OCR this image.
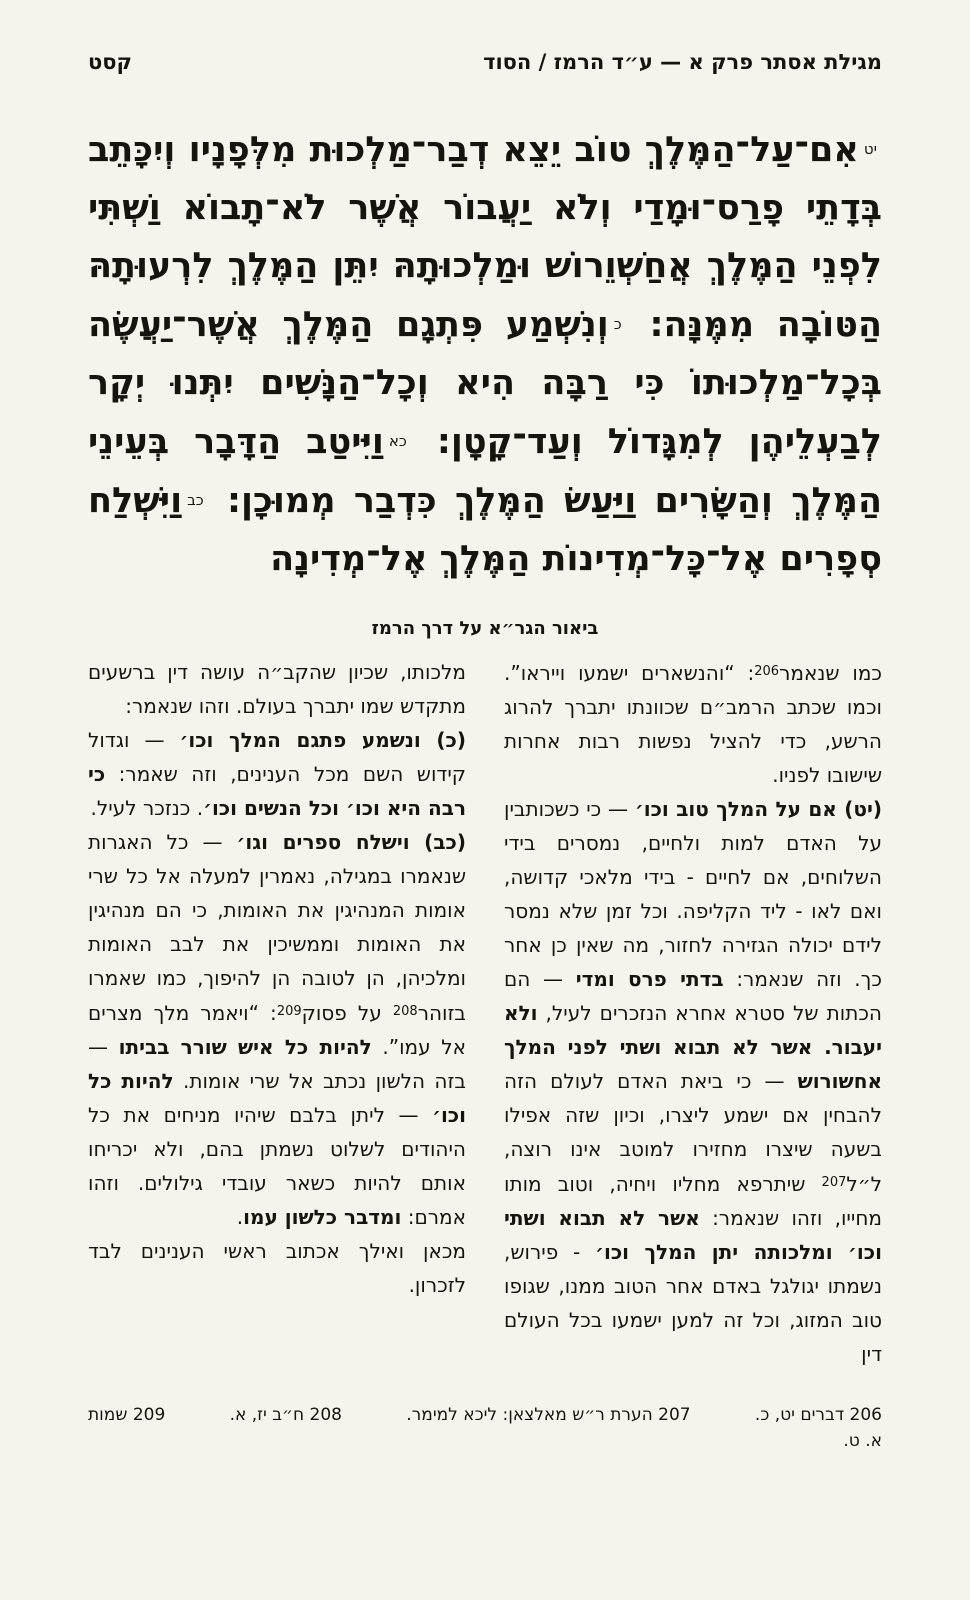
מגילת אסתר פרק א — ע״ד הרמז / הסוד
קסט
$^{יט}$אִם־עַל־הַמֶּלֶךְ טוֹב יֵצֵא דְבַר־מַלְכוּת מִלְּפָנָיו וְיִכָּתֵב בְּדָתֵי פָרַס־וּמָדַי וְלֹא יַעֲבוֹר אֲשֶׁר לֹא־תָבוֹא וַשְׁתִּי לִפְנֵי הַמֶּלֶךְ אֲחַשְׁוֵרוֹשׁ וּמַלְכוּתָהּ יִתֵּן הַמֶּלֶךְ לִרְעוּתָהּ הַטּוֹבָה מִמֶּנָּה: $^כ$וְנִשְׁמַע פִּתְגָם הַמֶּלֶךְ אֲשֶׁר־יַעֲשֶׂה בְּכָל־מַלְכוּתוֹ כִּי רַבָּה הִיא וְכָל־הַנָּשִׁים יִתְּנוּ יְקָר לְבַעְלֵיהֶן לְמִגָּדוֹל וְעַד־קָטָן: $^{כא}$וַיִּיטַב הַדָּבָר בְּעֵינֵי הַמֶּלֶךְ וְהַשָּׂרִים וַיַּעַשׂ הַמֶּלֶךְ כִּדְבַר מְמוּכָן: $^{כב}$וַיִּשְׁלַח סְפָרִים אֶל־כָּל־מְדִינוֹת הַמֶּלֶךְ אֶל־מְדִינָה
ביאור הגר״א על דרך הרמז

כמו שנאמר$^{206}$: “והנשארים ישמעו וייראו”. וכמו שכתב הרמב״ם שכוונתו יתברך להרוג הרשע, כדי להציל נפשות רבות אחרות שישובו לפניו.

(יט) אם על המלך טוב וכו׳ — כי כשכותבין על האדם למות ולחיים, נמסרים בידי השלוחים, אם לחיים - בידי מלאכי קדושה, ואם לאו - ליד הקליפה. וכל זמן שלא נמסר לידם יכולה הגזירה לחזור, מה שאין כן אחר כך. וזה שנאמר: בדתי פרס ומדי — הם הכתות של סטרא אחרא הנזכרים לעיל, ולא יעבור. אשר לא תבוא ושתי לפני המלך אחשורוש — כי ביאת האדם לעולם הזה להבחין אם ישמע ליצרו, וכיון שזה אפילו בשעה שיצרו מחזירו למוטב אינו רוצה, ל״ל$^{207}$ שיתרפא מחליו ויחיה, וטוב מותו מחייו, וזהו שנאמר: אשר לא תבוא ושתי וכו׳ ומלכותה יתן המלך וכו׳ - פירוש, נשמתו יגולגל באדם אחר הטוב ממנו, שגופו טוב המזוג, וכל זה למען ישמעו בכל העולם דין

מלכותו, שכיון שהקב״ה עושה דין ברשעים מתקדש שמו יתברך בעולם. וזהו שנאמר:

(כ) ונשמע פתגם המלך וכו׳ — וגדול קידוש השם מכל הענינים, וזה שאמר: כי רבה היא וכו׳ וכל הנשים וכו׳. כנזכר לעיל.

(כב) וישלח ספרים וגו׳ — כל האגרות שנאמרו במגילה, נאמרין למעלה אל כל שרי אומות המנהיגין את האומות, כי הם מנהיגין את האומות וממשיכין את לבב האומות ומלכיהן, הן לטובה הן להיפוך, כמו שאמרו בזוהר$^{208}$ על פסוק$^{209}$: “ויאמר מלך מצרים אל עמו”. להיות כל איש שורר בביתו — בזה הלשון נכתב אל שרי אומות. להיות כל וכו׳ — ליתן בלבם שיהיו מניחים את כל היהודים לשלוט נשמתן בהם, ולא יכריחו אותם להיות כשאר עובדי גילולים. וזהו אמרם: ומדבר כלשון עמו.

מכאן ואילך אכתוב ראשי הענינים לבד לזכרון.

206 דברים יט, כ.
207 הערת ר״ש מאלצאן: ליכא למימר.
208 ח״ב יז, א.
209 שמות
א. ט.
